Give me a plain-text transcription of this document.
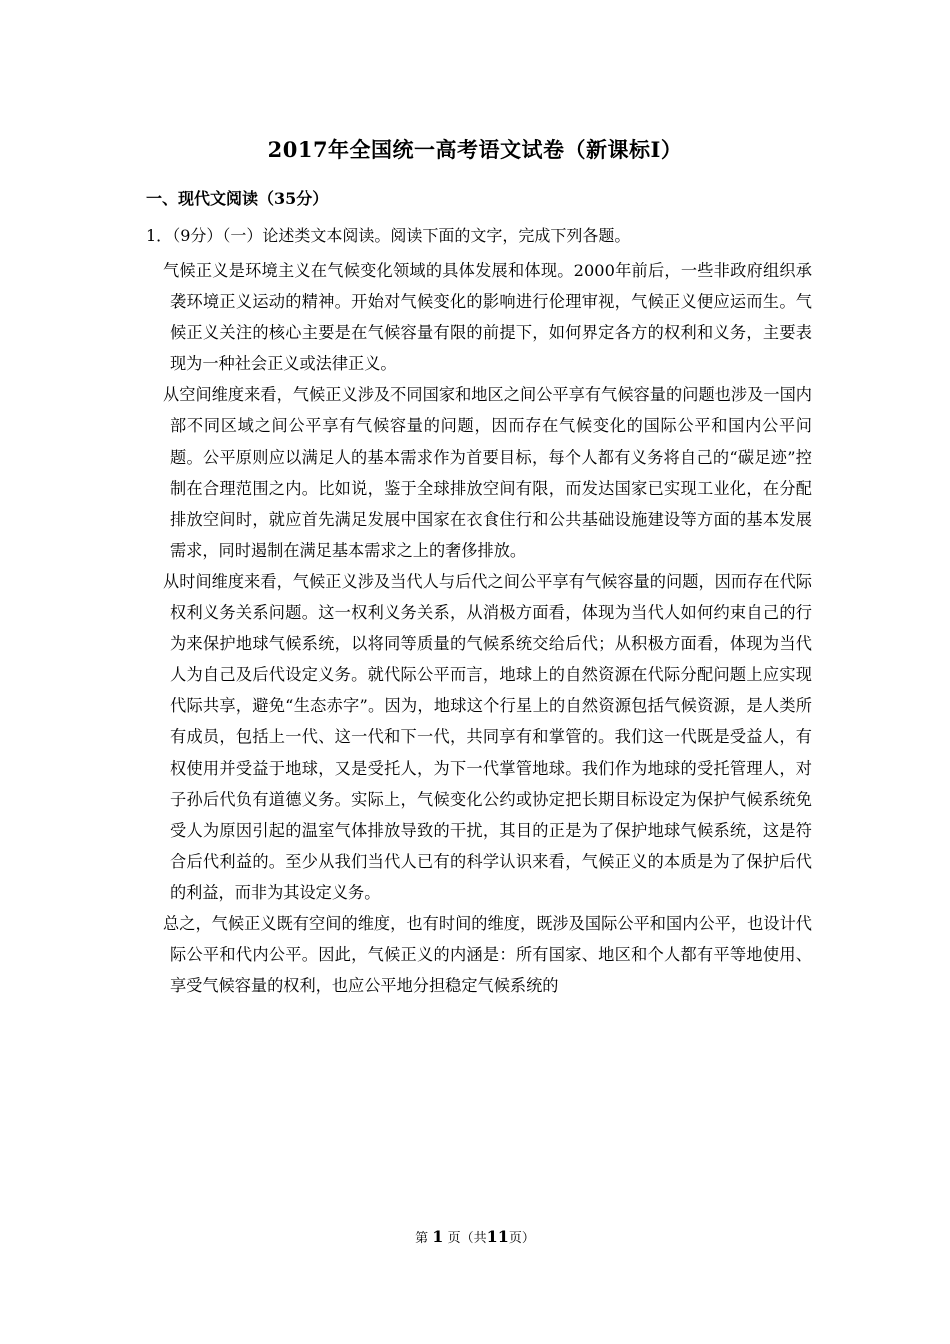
2017年全国统一高考语文试卷（新课标Ⅰ）
一、现代文阅读（35分）
1．（9分）（一）论述类文本阅读。阅读下面的文字，完成下列各题。

气候正义是环境主义在气候变化领域的具体发展和体现。2000年前后，一些非政府组织承袭环境正义运动的精神。开始对气候变化的影响进行伦理审视，气候正义便应运而生。气候正义关注的核心主要是在气候容量有限的前提下，如何界定各方的权利和义务，主要表现为一种社会正义或法律正义。

从空间维度来看，气候正义涉及不同国家和地区之间公平享有气候容量的问题也涉及一国内部不同区域之间公平享有气候容量的问题，因而存在气候变化的国际公平和国内公平问题。公平原则应以满足人的基本需求作为首要目标，每个人都有义务将自己的“碳足迹”控制在合理范围之内。比如说，鉴于全球排放空间有限，而发达国家已实现工业化，在分配排放空间时，就应首先满足发展中国家在衣食住行和公共基础设施建设等方面的基本发展需求，同时遏制在满足基本需求之上的奢侈排放。

从时间维度来看，气候正义涉及当代人与后代之间公平享有气候容量的问题，因而存在代际权利义务关系问题。这一权利义务关系，从消极方面看，体现为当代人如何约束自己的行为来保护地球气候系统，以将同等质量的气候系统交给后代；从积极方面看，体现为当代人为自己及后代设定义务。就代际公平而言，地球上的自然资源在代际分配问题上应实现代际共享，避免“生态赤字”。因为，地球这个行星上的自然资源包括气候资源，是人类所有成员，包括上一代、这一代和下一代，共同享有和掌管的。我们这一代既是受益人，有权使用并受益于地球，又是受托人，为下一代掌管地球。我们作为地球的受托管理人，对子孙后代负有道德义务。实际上，气候变化公约或协定把长期目标设定为保护气候系统免受人为原因引起的温室气体排放导致的干扰，其目的正是为了保护地球气候系统，这是符合后代利益的。至少从我们当代人已有的科学认识来看，气候正义的本质是为了保护后代的利益，而非为其设定义务。

总之，气候正义既有空间的维度，也有时间的维度，既涉及国际公平和国内公平，也设计代际公平和代内公平。因此，气候正义的内涵是：所有国家、地区和个人都有平等地使用、享受气候容量的权利，也应公平地分担稳定气候系统的

第 1 页（共11页）
